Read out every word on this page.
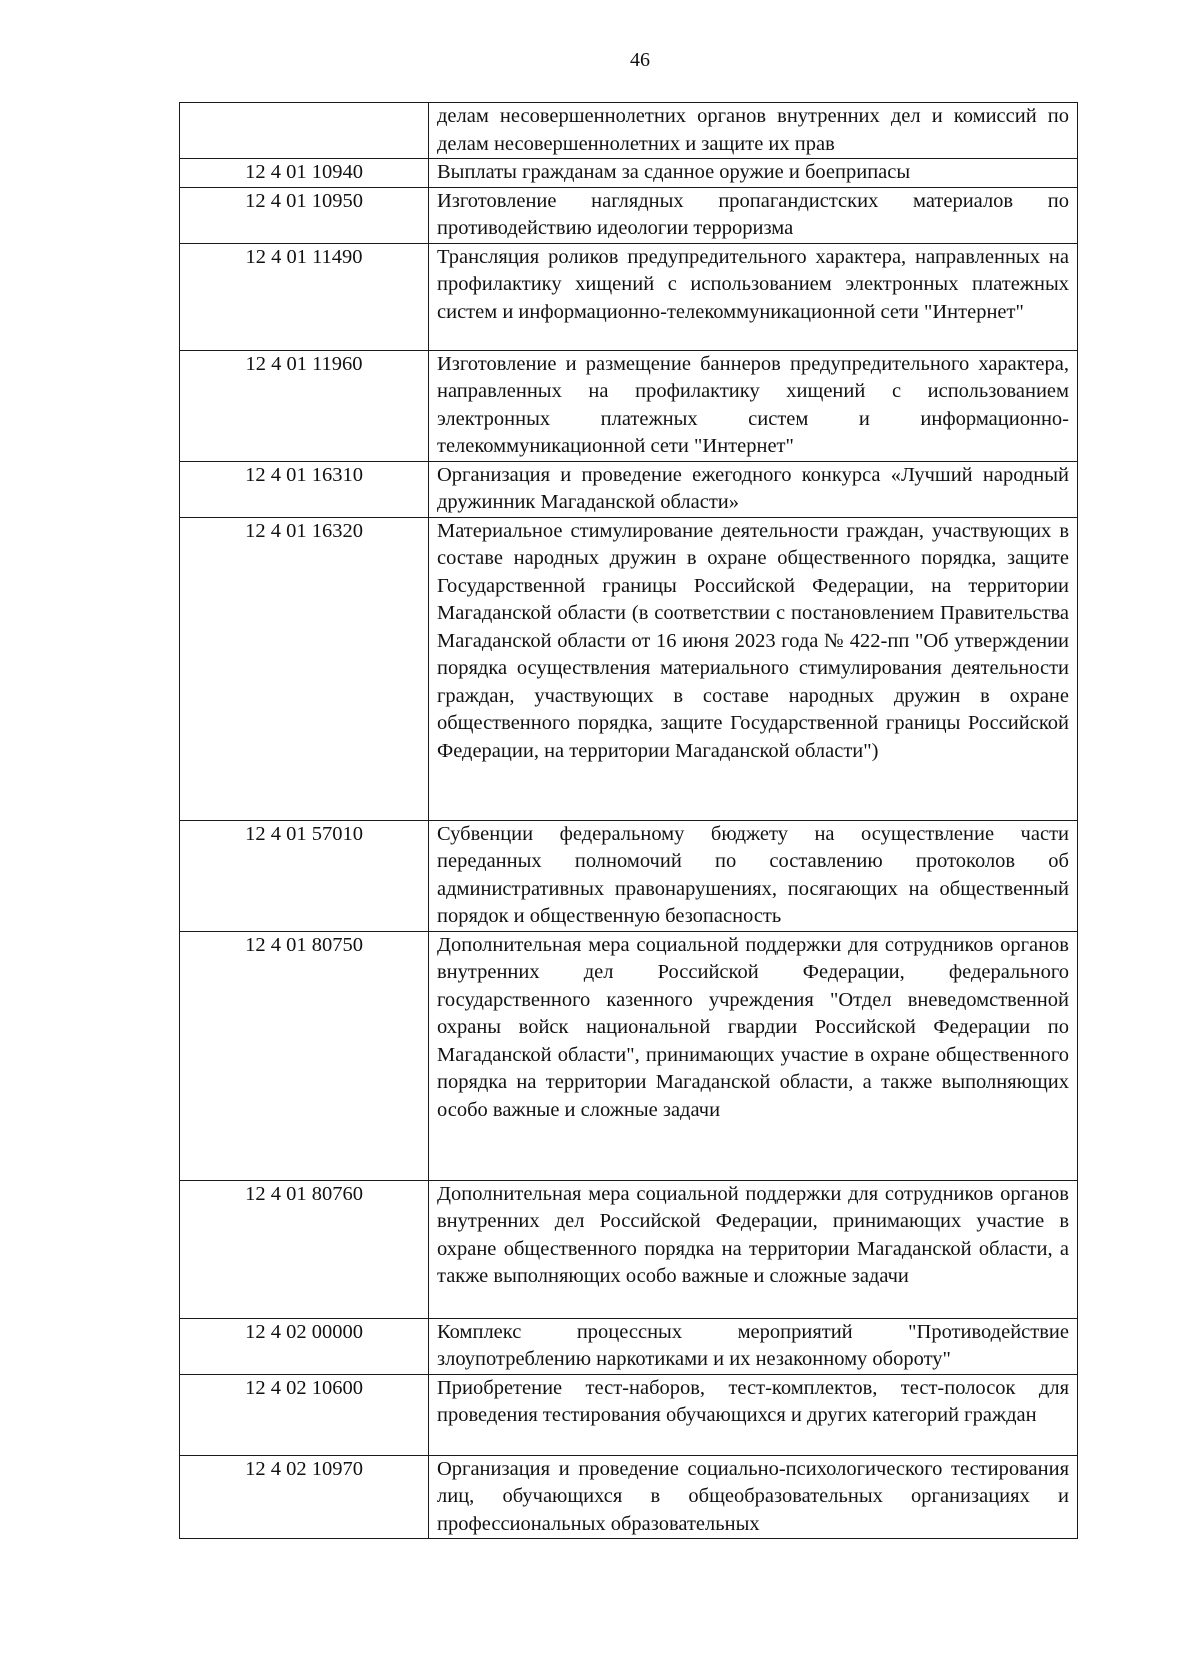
46
	делам несовершеннолетних органов внутренних дел и комиссий по делам несовершеннолетних и защите их прав
12 4 01 10940	Выплаты гражданам за сданное оружие и боеприпасы
12 4 01 10950	Изготовление наглядных пропагандистских материалов по противодействию идеологии терроризма
12 4 01 11490	Трансляция роликов предупредительного характера, направленных на профилактику хищений с использованием электронных платежных систем и информационно-телекоммуникационной сети "Интернет"
12 4 01 11960	Изготовление и размещение баннеров предупредительного характера, направленных на профилактику хищений с использованием электронных платежных систем и информационно-телекоммуникационной сети "Интернет"
12 4 01 16310	Организация и проведение ежегодного конкурса «Лучший народный дружинник Магаданской области»
12 4 01 16320	Материальное стимулирование деятельности граждан, участвующих в составе народных дружин в охране общественного порядка, защите Государственной границы Российской Федерации, на территории Магаданской области (в соответствии с постановлением Правительства Магаданской области от 16 июня 2023 года № 422-пп "Об утверждении порядка осуществления материального стимулирования деятельности граждан, участвующих в составе народных дружин в охране общественного порядка, защите Государственной границы Российской Федерации, на территории Магаданской области")
12 4 01 57010	Субвенции федеральному бюджету на осуществление части переданных полномочий по составлению протоколов об административных правонарушениях, посягающих на общественный порядок и общественную безопасность
12 4 01 80750	Дополнительная мера социальной поддержки для сотрудников органов внутренних дел Российской Федерации, федерального государственного казенного учреждения "Отдел вневедомственной охраны войск национальной гвардии Российской Федерации по Магаданской области", принимающих участие в охране общественного порядка на территории Магаданской области, а также выполняющих особо важные и сложные задачи
12 4 01 80760	Дополнительная мера социальной поддержки для сотрудников органов внутренних дел Российской Федерации, принимающих участие в охране общественного порядка на территории Магаданской области, а также выполняющих особо важные и сложные задачи
12 4 02 00000	Комплекс процессных мероприятий "Противодействие злоупотреблению наркотиками и их незаконному обороту"
12 4 02 10600	Приобретение тест-наборов, тест-комплектов, тест-полосок для проведения тестирования обучающихся и других категорий граждан
12 4 02 10970	Организация и проведение социально-психологического тестирования лиц, обучающихся в общеобразовательных организациях и профессиональных образовательных
